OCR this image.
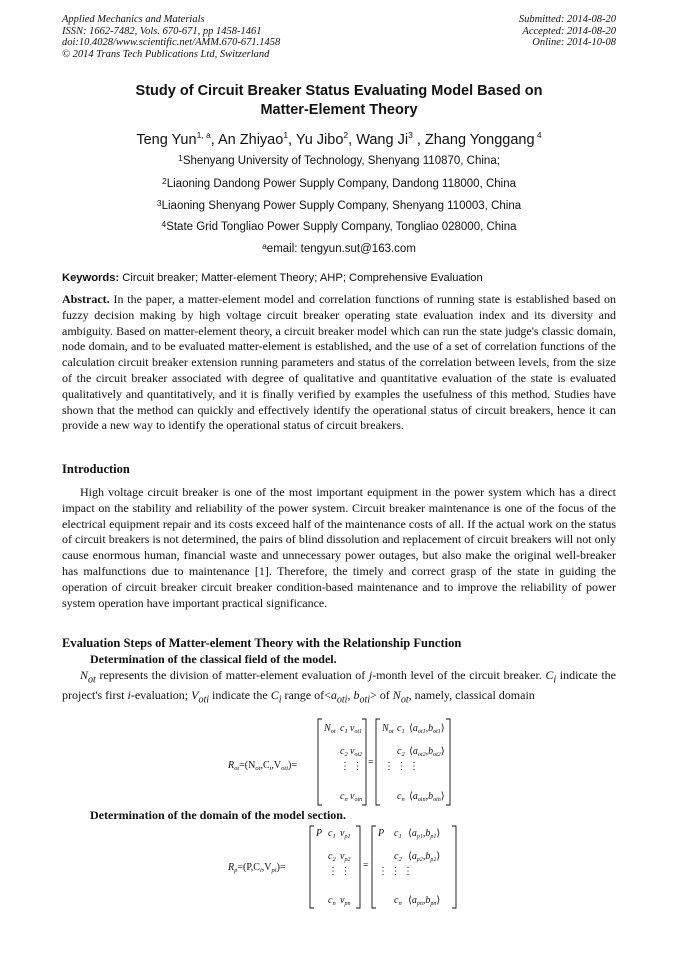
Applied Mechanics and Materials
ISSN: 1662-7482, Vols. 670-671, pp 1458-1461
doi:10.4028/www.scientific.net/AMM.670-671.1458
© 2014 Trans Tech Publications Ltd, Switzerland
Submitted: 2014-08-20
Accepted: 2014-08-20
Online: 2014-10-08
Study of Circuit Breaker Status Evaluating Model Based on
Matter-Element Theory
Teng Yun$^{1, a}$, An Zhiyao$^1$, Yu Jibo$^2$, Wang Ji$^3$ , Zhang Yonggang $^4$
$^1$Shenyang University of Technology, Shenyang 110870, China;
$^2$Liaoning Dandong Power Supply Company, Dandong 118000, China
$^3$Liaoning Shenyang Power Supply Company, Shenyang 110003, China
$^4$State Grid Tongliao Power Supply Company, Tongliao 028000, China
$^a$email: tengyun.sut@163.com
Keywords: Circuit breaker; Matter-element Theory; AHP; Comprehensive Evaluation
Abstract. In the paper, a matter-element model and correlation functions of running state is established based on fuzzy decision making by high voltage circuit breaker operating state evaluation index and its diversity and ambiguity. Based on matter-element theory, a circuit breaker model which can run the state judge's classic domain, node domain, and to be evaluated matter-element is established, and the use of a set of correlation functions of the calculation circuit breaker extension running parameters and status of the correlation between levels, from the size of the circuit breaker associated with degree of qualitative and quantitative evaluation of the state is evaluated qualitatively and quantitatively, and it is finally verified by examples the usefulness of this method. Studies have shown that the method can quickly and effectively identify the operational status of circuit breakers, hence it can provide a new way to identify the operational status of circuit breakers.
Introduction
High voltage circuit breaker is one of the most important equipment in the power system which has a direct impact on the stability and reliability of the power system. Circuit breaker maintenance is one of the focus of the electrical equipment repair and its costs exceed half of the maintenance costs of all. If the actual work on the status of circuit breakers is not determined, the pairs of blind dissolution and replacement of circuit breakers will not only cause enormous human, financial waste and unnecessary power outages, but also make the original well-breaker has malfunctions due to maintenance [1]. Therefore, the timely and correct grasp of the state in guiding the operation of circuit breaker circuit breaker condition-based maintenance and to improve the reliability of power system operation have important practical significance.
Evaluation Steps of Matter-element Theory with the Relationship Function
Determination of the classical field of the model.
$N_{ot}$ represents the division of matter-element evaluation of j-month level of the circuit breaker. $C_i$ indicate the project's first i-evaluation; $V_{oti}$ indicate the $C_i$ range $of<a_{oti}$, $b_{oti}>$ of $N_{ot}$, namely, classical domain
$R_{ot}=(N_{ot},C_i,V_{oti})=$
$N_{ot}$ $c_1$ $v_{ot1}$
$c_2$ $v_{ot2}$
⋮ ⋮
$c_n$ $v_{otn}$
=
$N_{ot}$ $c_1$ $⟨a_{ot1},b_{ot1}⟩$
$c_2$ $⟨a_{ot2},b_{ot2}⟩$
⋮ ⋮ ⋮
$c_n$ $⟨a_{otn},b_{otn}⟩$
Determination of the domain of the model section.
$R_p=(P,C_i,V_{pi})=$
P $c_1$ $v_{p1}$
$c_2$ $v_{p2}$
⋮ ⋮
$c_n$ $v_{pn}$
=
P $c_1$ $⟨a_{p1},b_{p1}⟩$
$c_2$ $⟨a_{p2},b_{p2}⟩$
⋮ ⋮ ⋮
$c_n$ $⟨a_{pn},b_{pn}⟩$
